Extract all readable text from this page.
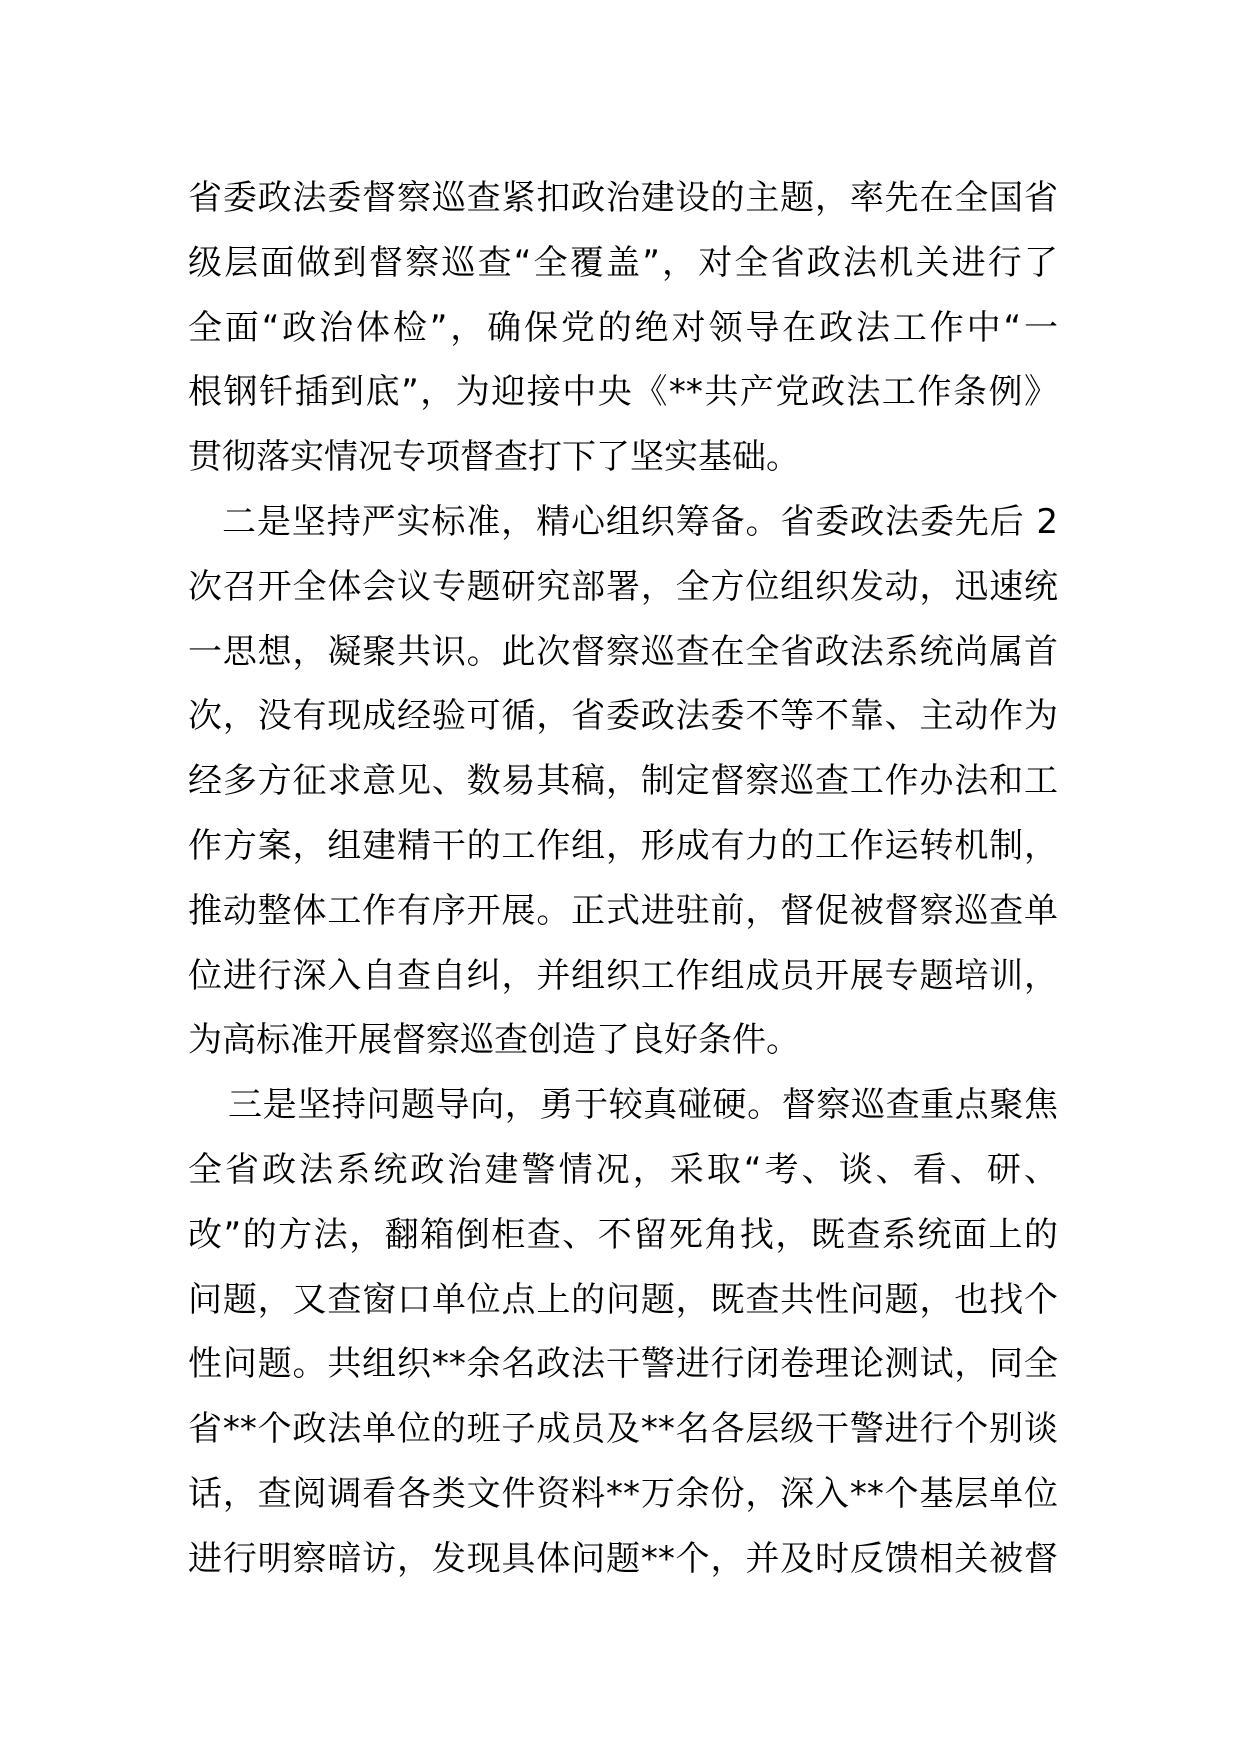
省委政法委督察巡查紧扣政治建设的主题，率先在全国省
级层面做到督察巡查“全覆盖”，对全省政法机关进行了
全面“政治体检”，确保党的绝对领导在政法工作中“一
根钢钎插到底”，为迎接中央《**共产党政法工作条例》
贯彻落实情况专项督查打下了坚实基础。
二是坚持严实标准，精心组织筹备。省委政法委先后 2
次召开全体会议专题研究部署，全方位组织发动，迅速统
一思想，凝聚共识。此次督察巡查在全省政法系统尚属首
次，没有现成经验可循，省委政法委不等不靠、主动作为
经多方征求意见、数易其稿，制定督察巡查工作办法和工
作方案，组建精干的工作组，形成有力的工作运转机制，
推动整体工作有序开展。正式进驻前，督促被督察巡查单
位进行深入自查自纠，并组织工作组成员开展专题培训，
为高标准开展督察巡查创造了良好条件。
三是坚持问题导向，勇于较真碰硬。督察巡查重点聚焦
全省政法系统政治建警情况，采取“考、谈、看、研、
改”的方法，翻箱倒柜查、不留死角找，既查系统面上的
问题，又查窗口单位点上的问题，既查共性问题，也找个
性问题。共组织**余名政法干警进行闭卷理论测试，同全
省**个政法单位的班子成员及**名各层级干警进行个别谈
话，查阅调看各类文件资料**万余份，深入**个基层单位
进行明察暗访，发现具体问题**个，并及时反馈相关被督
